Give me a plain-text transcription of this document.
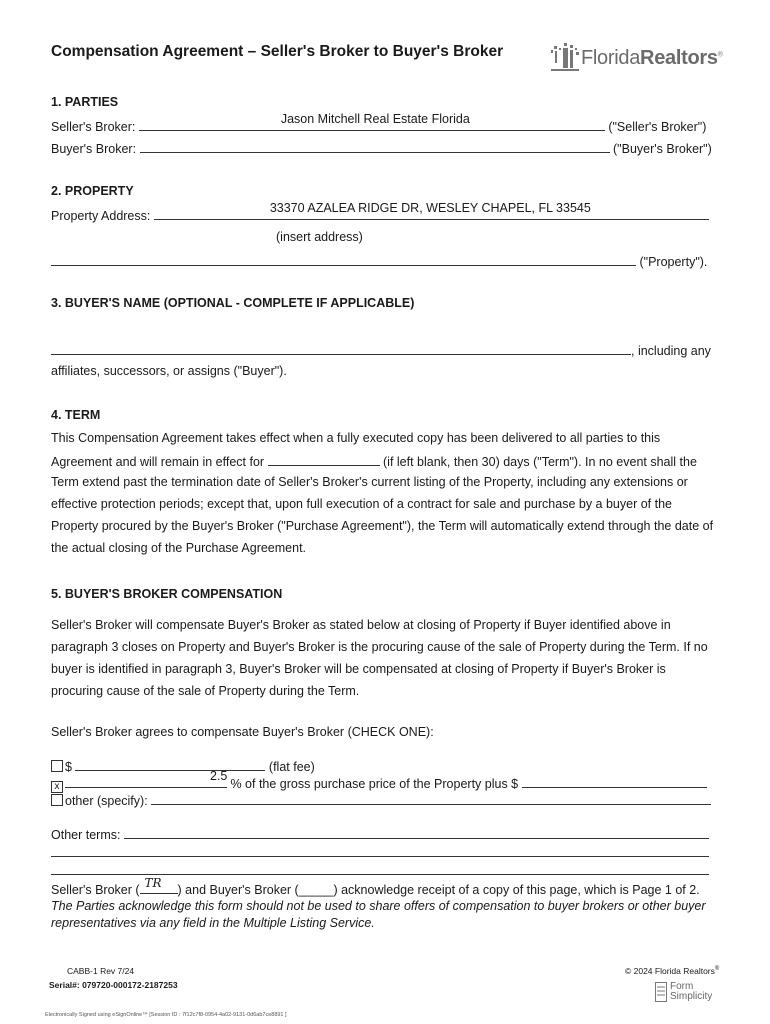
Compensation Agreement – Seller's Broker to Buyer's Broker	FloridaRealtors®
1. PARTIES
Seller's Broker:
Jason Mitchell Real Estate Florida
("Seller's Broker")
Buyer's Broker:	("Buyer's Broker")
2. PROPERTY
Property Address:
33370 AZALEA RIDGE DR, WESLEY CHAPEL, FL 33545
(insert address)
("Property").
3. BUYER'S NAME (OPTIONAL - COMPLETE IF APPLICABLE)
, including any
affiliates, successors, or assigns ("Buyer").
4. TERM
This Compensation Agreement takes effect when a fully executed copy has been delivered to all parties to this
Agreement and will remain in effect for	(if left blank, then 30) days ("Term"). In no event shall the
Term extend past the termination date of Seller's Broker's current listing of the Property, including any extensions or
effective protection periods; except that, upon full execution of a contract for sale and purchase by a buyer of the
Property procured by the Buyer's Broker ("Purchase Agreement"), the Term will automatically extend through the date of
the actual closing of the Purchase Agreement.
5. BUYER'S BROKER COMPENSATION
Seller's Broker will compensate Buyer's Broker as stated below at closing of Property if Buyer identified above in
paragraph 3 closes on Property and Buyer's Broker is the procuring cause of the sale of Property during the Term. If no
buyer is identified in paragraph 3, Buyer's Broker will be compensated at closing of Property if Buyer's Broker is
procuring cause of the sale of Property during the Term.
Seller's Broker agrees to compensate Buyer's Broker (CHECK ONE):
$	(flat fee)
x
2.5
% of the gross purchase price of the Property plus $
other (specify):
Other terms:
Seller's Broker ( TR ) and Buyer's Broker (_____) acknowledge receipt of a copy of this page, which is Page 1 of 2.
The Parties acknowledge this form should not be used to share offers of compensation to buyer brokers or other buyer
representatives via any field in the Multiple Listing Service.
CABB-1 Rev 7/24
Serial#: 079720-000172-2187253
© 2024 Florida Realtors®
Form
Simplicity
Electronically Signed using eSignOnline™ [Session ID : 7f12c7f8-0954-4a02-9131-0d6ab7ce8891 ]
